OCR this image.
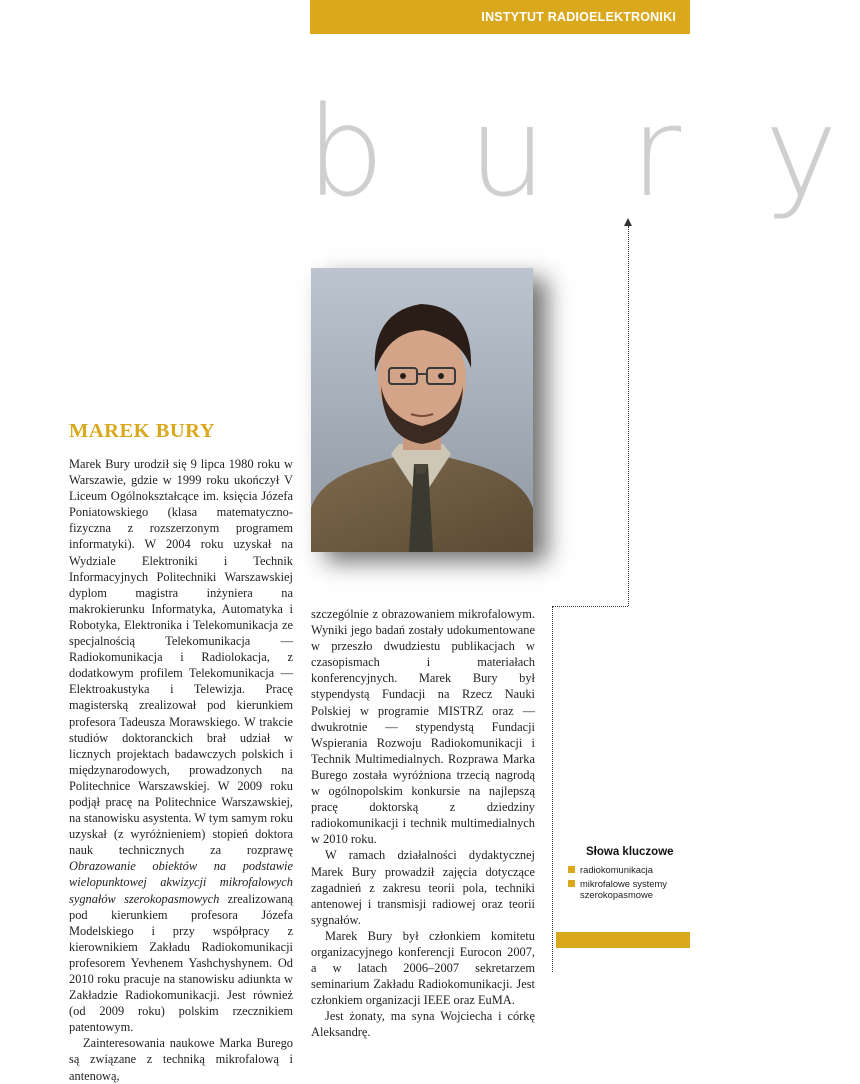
INSTYTUT RADIOELEKTRONIKI
b u r y
MAREK BURY

Marek Bury urodził się 9 lipca 1980 roku w Warszawie, gdzie w 1999 roku ukończył V Liceum Ogólnokształcące im. księcia Józefa Poniatowskiego (klasa matematyczno-fizyczna z rozszerzonym programem informatyki). W 2004 roku uzyskał na Wydziale Elektroniki i Technik Informacyjnych Politechniki Warszawskiej dyplom magistra inżyniera na makrokierunku Informatyka, Automatyka i Robotyka, Elektronika i Telekomunikacja ze specjalnością Telekomunikacja — Radiokomunikacja i Radiolokacja, z dodatkowym profilem Telekomunikacja — Elektroakustyka i Telewizja. Pracę magisterską zrealizował pod kierunkiem profesora Tadeusza Morawskiego. W trakcie studiów doktoranckich brał udział w licznych projektach badawczych polskich i międzynarodowych, prowadzonych na Politechnice Warszawskiej. W 2009 roku podjął pracę na Politechnice Warszawskiej, na stanowisku asystenta. W tym samym roku uzyskał (z wyróżnieniem) stopień doktora nauk technicznych za rozprawę Obrazowanie obiektów na podstawie wielopunktowej akwizycji mikrofalowych sygnałów szerokopasmowych zrealizowaną pod kierunkiem profesora Józefa Modelskiego i przy współpracy z kierownikiem Zakładu Radiokomunikacji profesorem Yevhenem Yashchyshynem. Od 2010 roku pracuje na stanowisku adiunkta w Zakładzie Radiokomunikacji. Jest również (od 2009 roku) polskim rzecznikiem patentowym.

Zainteresowania naukowe Marka Burego są związane z techniką mikrofalową i antenową,

szczególnie z obrazowaniem mikrofalowym. Wyniki jego badań zostały udokumentowane w przeszło dwudziestu publikacjach w czasopismach i materiałach konferencyjnych. Marek Bury był stypendystą Fundacji na Rzecz Nauki Polskiej w programie MISTRZ oraz — dwukrotnie — stypendystą Fundacji Wspierania Rozwoju Radiokomunikacji i Technik Multimedialnych. Rozprawa Marka Burego została wyróżniona trzecią nagrodą w ogólnopolskim konkursie na najlepszą pracę doktorską z dziedziny radiokomunikacji i technik multimedialnych w 2010 roku.

W ramach działalności dydaktycznej Marek Bury prowadził zajęcia dotyczące zagadnień z zakresu teorii pola, techniki antenowej i transmisji radiowej oraz teorii sygnałów.

Marek Bury był członkiem komitetu organizacyjnego konferencji Eurocon 2007, a w latach 2006–2007 sekretarzem seminarium Zakładu Radiokomunikacji. Jest członkiem organizacji IEEE oraz EuMA.

Jest żonaty, ma syna Wojciecha i córkę Aleksandrę.

Słowa kluczowe
radiokomunikacja
mikrofalowe systemy szerokopasmowe
